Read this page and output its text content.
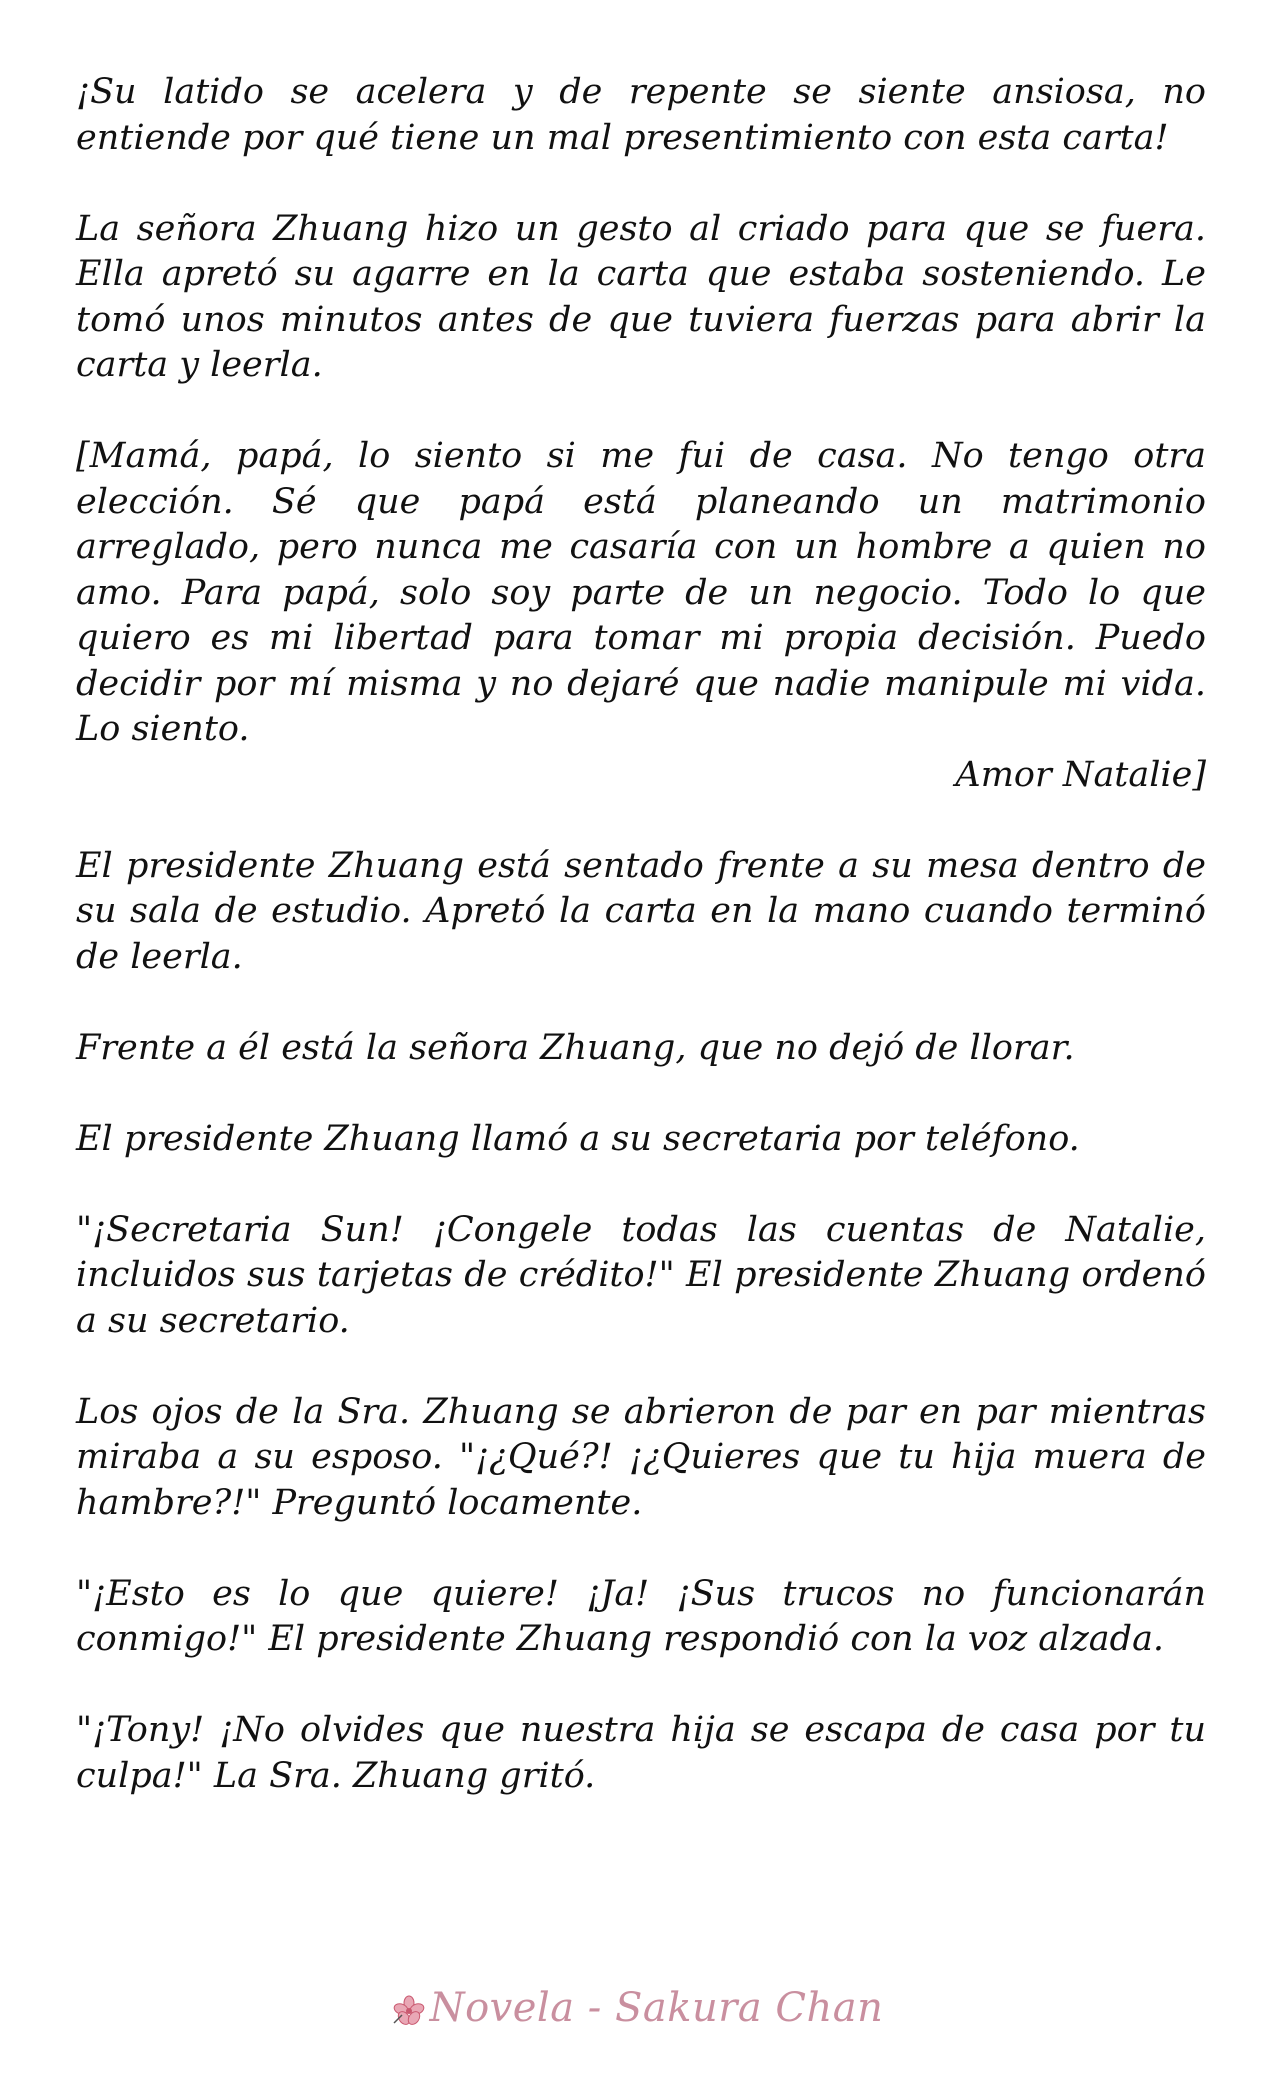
¡Su latido se acelera y de repente se siente ansiosa, no entiende por qué tiene un mal presentimiento con esta carta!

La señora Zhuang hizo un gesto al criado para que se fuera. Ella apretó su agarre en la carta que estaba sosteniendo. Le tomó unos minutos antes de que tuviera fuerzas para abrir la carta y leerla.

[Mamá, papá, lo siento si me fui de casa. No tengo otra elección. Sé que papá está planeando un matrimonio arreglado, pero nunca me casaría con un hombre a quien no amo. Para papá, solo soy parte de un negocio. Todo lo que quiero es mi libertad para tomar mi propia decisión. Puedo decidir por mí misma y no dejaré que nadie manipule mi vida. Lo siento.

Amor Natalie]

El presidente Zhuang está sentado frente a su mesa dentro de su sala de estudio. Apretó la carta en la mano cuando terminó de leerla.

Frente a él está la señora Zhuang, que no dejó de llorar.

El presidente Zhuang llamó a su secretaria por teléfono.

"¡Secretaria Sun! ¡Congele todas las cuentas de Natalie, incluidos sus tarjetas de crédito!" El presidente Zhuang ordenó a su secretario.

Los ojos de la Sra. Zhuang se abrieron de par en par mientras miraba a su esposo. "¡¿Qué?! ¡¿Quieres que tu hija muera de hambre?!" Preguntó locamente.

"¡Esto es lo que quiere! ¡Ja! ¡Sus trucos no funcionarán conmigo!" El presidente Zhuang respondió con la voz alzada.

"¡Tony! ¡No olvides que nuestra hija se escapa de casa por tu culpa!" La Sra. Zhuang gritó.

Novela - Sakura Chan
